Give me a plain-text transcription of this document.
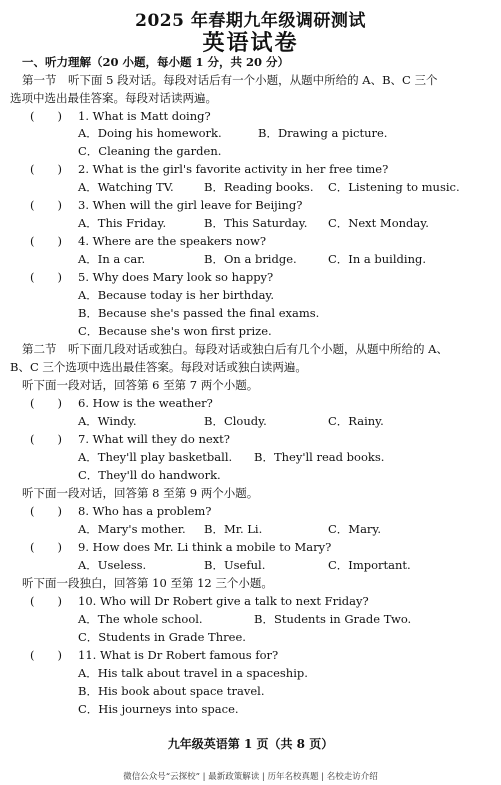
2025 年春期九年级调研测试
英语试卷
一、听力理解（20 小题，每小题 1 分，共 20 分）
第一节　听下面 5 段对话。每段对话后有一个小题，从题中所给的 A、B、C 三个
选项中选出最佳答案。每段对话读两遍。
(　　) 1. What is Matt doing?
A．Doing his homework.	B．Drawing a picture.
C．Cleaning the garden.
(　　) 2. What is the girl's favorite activity in her free time?
A．Watching TV.	B．Reading books. C．Listening to music.
(　　) 3. When will the girl leave for Beijing?
A．This Friday.	B．This Saturday. C．Next Monday.
(　　) 4. Where are the speakers now?
A．In a car.	B．On a bridge.	C．In a building.
(　　) 5. Why does Mary look so happy?
A．Because today is her birthday.
B．Because she's passed the final exams.
C．Because she's won first prize.
第二节　听下面几段对话或独白。每段对话或独白后有几个小题，从题中所给的 A、
B、C 三个选项中选出最佳答案。每段对话或独白读两遍。
听下面一段对话，回答第 6 至第 7 两个小题。
(　　) 6. How is the weather?
A．Windy.	B．Cloudy.	C．Rainy.
(　　) 7. What will they do next?
A．They'll play basketball. B．They'll read books.
C．They'll do handwork.
听下面一段对话，回答第 8 至第 9 两个小题。
(　　) 8. Who has a problem?
A．Mary's mother. B．Mr. Li.	C．Mary.
(　　) 9. How does Mr. Li think a mobile to Mary?
A．Useless.	B．Useful.	C．Important.
听下面一段独白，回答第 10 至第 12 三个小题。
(　　) 10. Who will Dr Robert give a talk to next Friday?
A．The whole school.	B．Students in Grade Two.
C．Students in Grade Three.
(　　) 11. What is Dr Robert famous for?
A．His talk about travel in a spaceship.
B．His book about space travel.
C．His journeys into space.
九年级英语第 1 页（共 8 页）
微信公众号“云探校” | 最新政策解读 | 历年名校真题 | 名校走访介绍
